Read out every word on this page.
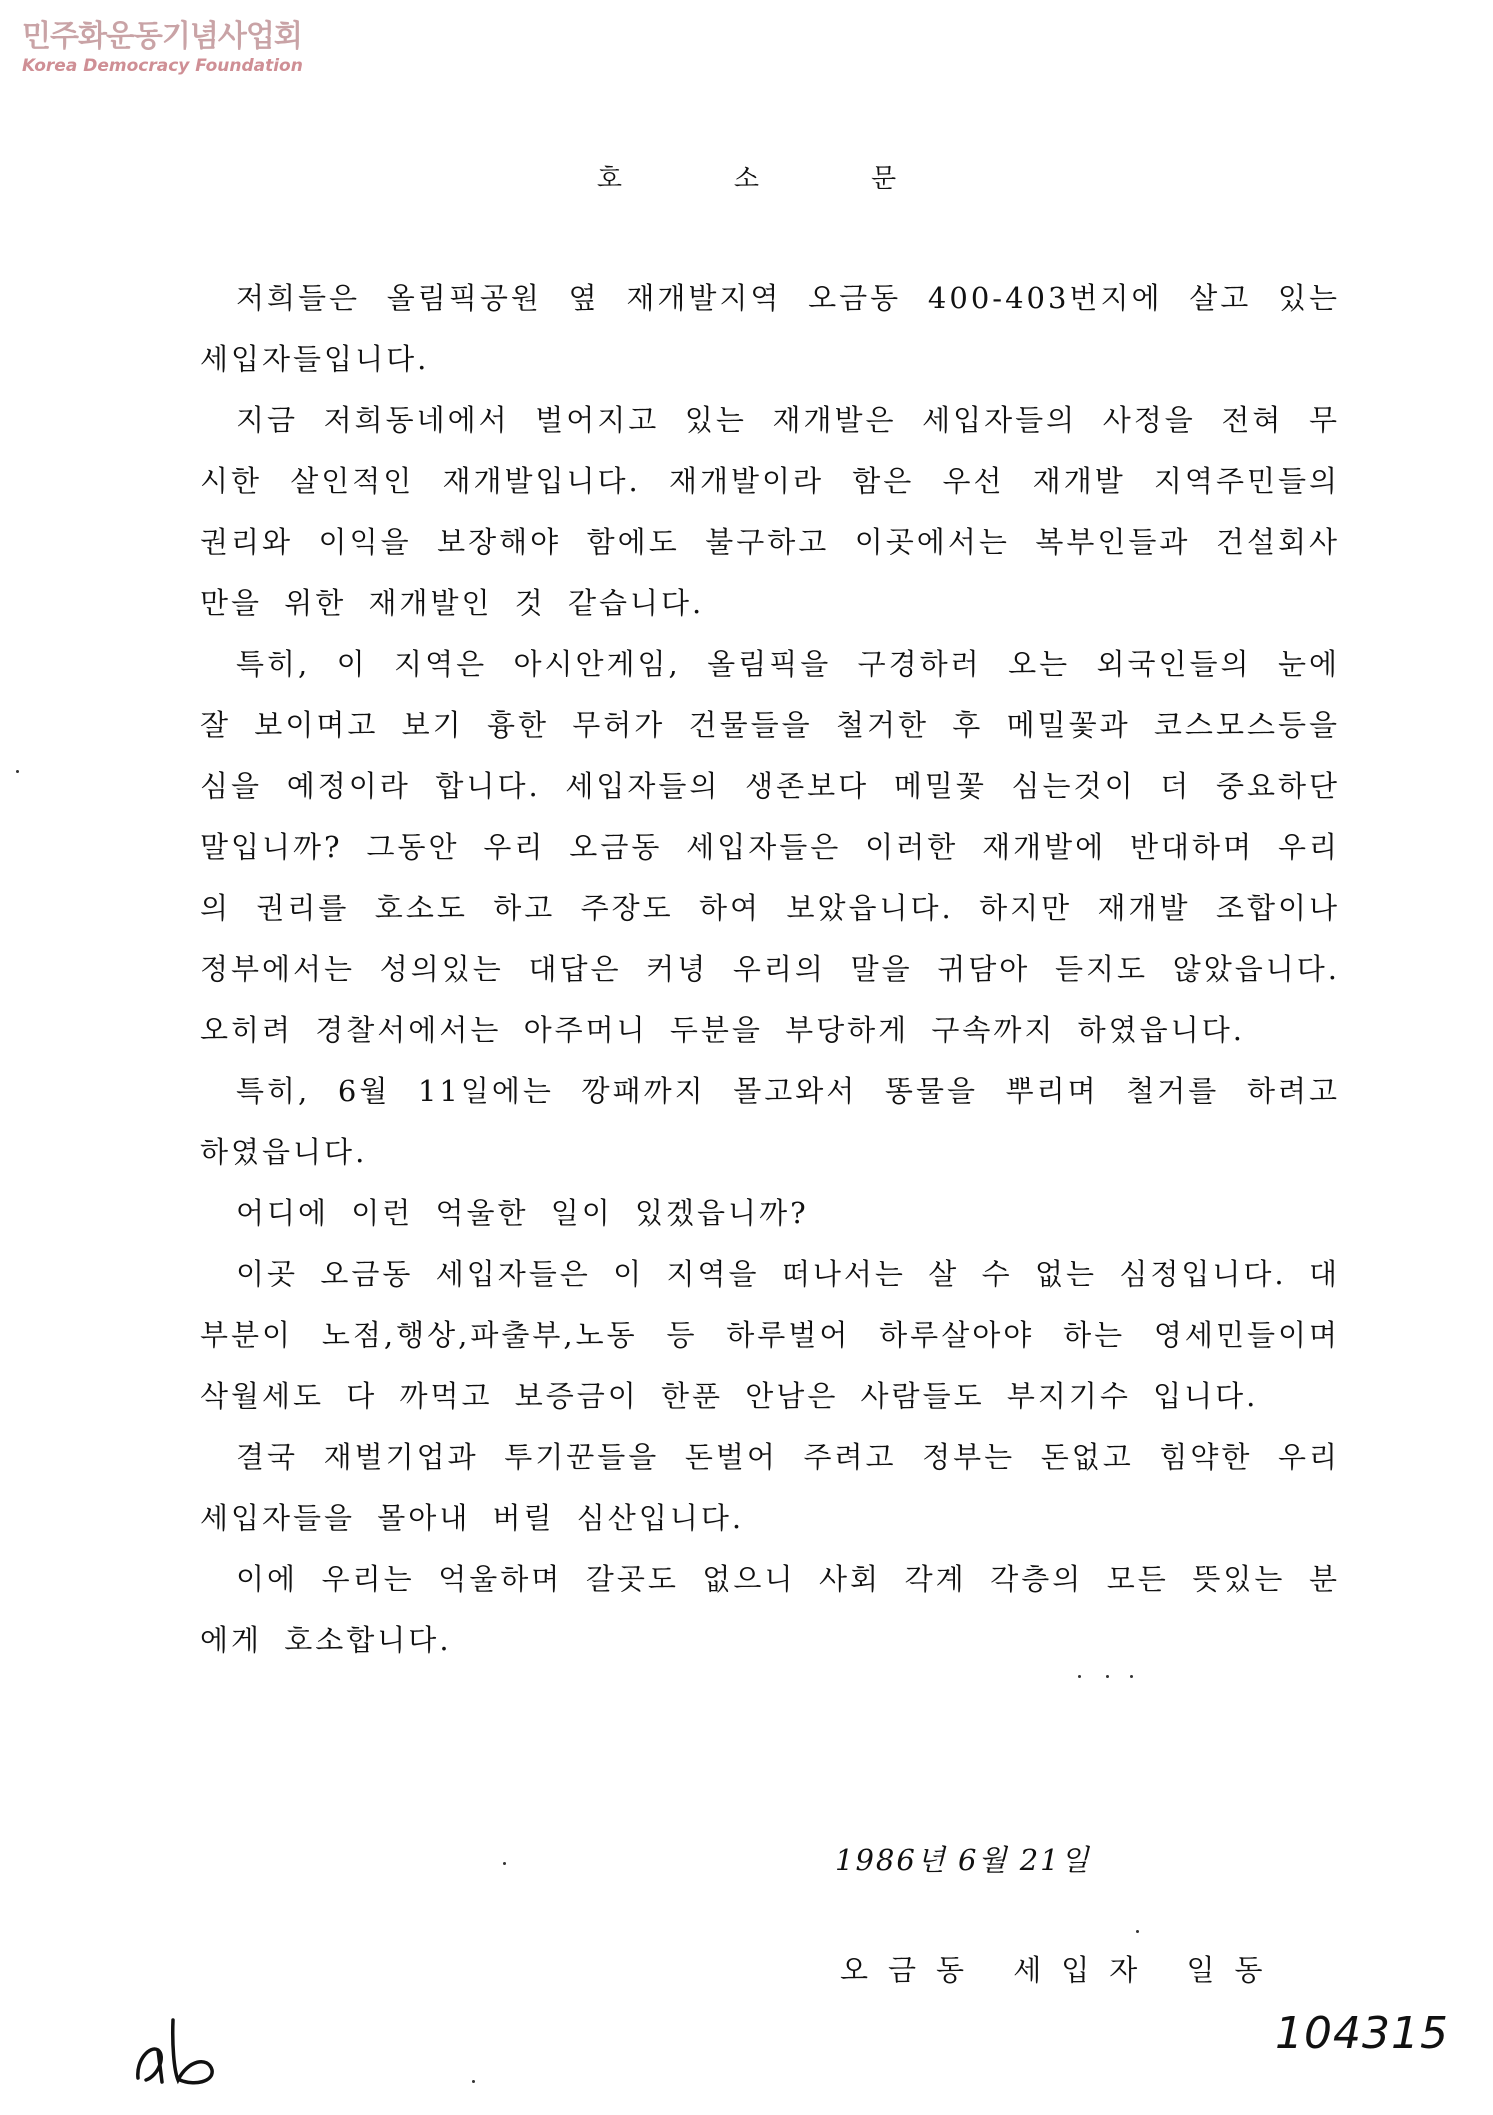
민주화운동기념사업회
Korea Democracy Foundation
호소문

저희들은 올림픽공원 옆 재개발지역 오금동 400-403번지에 살고 있는 세입자들입니다.

지금 저희동네에서 벌어지고 있는 재개발은 세입자들의 사정을 전혀 무시한 살인적인 재개발입니다. 재개발이라 함은 우선 재개발 지역주민들의 권리와 이익을 보장해야 함에도 불구하고 이곳에서는 복부인들과 건설회사만을 위한 재개발인 것 같습니다.

특히, 이 지역은 아시안게임, 올림픽을 구경하러 오는 외국인들의 눈에 잘 보이며고 보기 흉한 무허가 건물들을 철거한 후 메밀꽃과 코스모스등을 심을 예정이라 합니다. 세입자들의 생존보다 메밀꽃 심는것이 더 중요하단 말입니까? 그동안 우리 오금동 세입자들은 이러한 재개발에 반대하며 우리의 권리를 호소도 하고 주장도 하여 보았읍니다. 하지만 재개발 조합이나 정부에서는 성의있는 대답은 커녕 우리의 말을 귀담아 듣지도 않았읍니다. 오히려 경찰서에서는 아주머니 두분을 부당하게 구속까지 하였읍니다.

특히, 6월 11일에는 깡패까지 몰고와서 똥물을 뿌리며 철거를 하려고 하였읍니다.

어디에 이런 억울한 일이 있겠읍니까?

이곳 오금동 세입자들은 이 지역을 떠나서는 살 수 없는 심정입니다. 대부분이 노점,행상,파출부,노동 등 하루벌어 하루살아야 하는 영세민들이며 삭월세도 다 까먹고 보증금이 한푼 안남은 사람들도 부지기수 입니다.

결국 재벌기업과 투기꾼들을 돈벌어 주려고 정부는 돈없고 힘약한 우리세입자들을 몰아내 버릴 심산입니다.

이에 우리는 억울하며 갈곳도 없으니 사회 각계 각층의 모든 뜻있는 분에게 호소합니다.

1986년 6월 21일
오금동 세입자 일동
104315
